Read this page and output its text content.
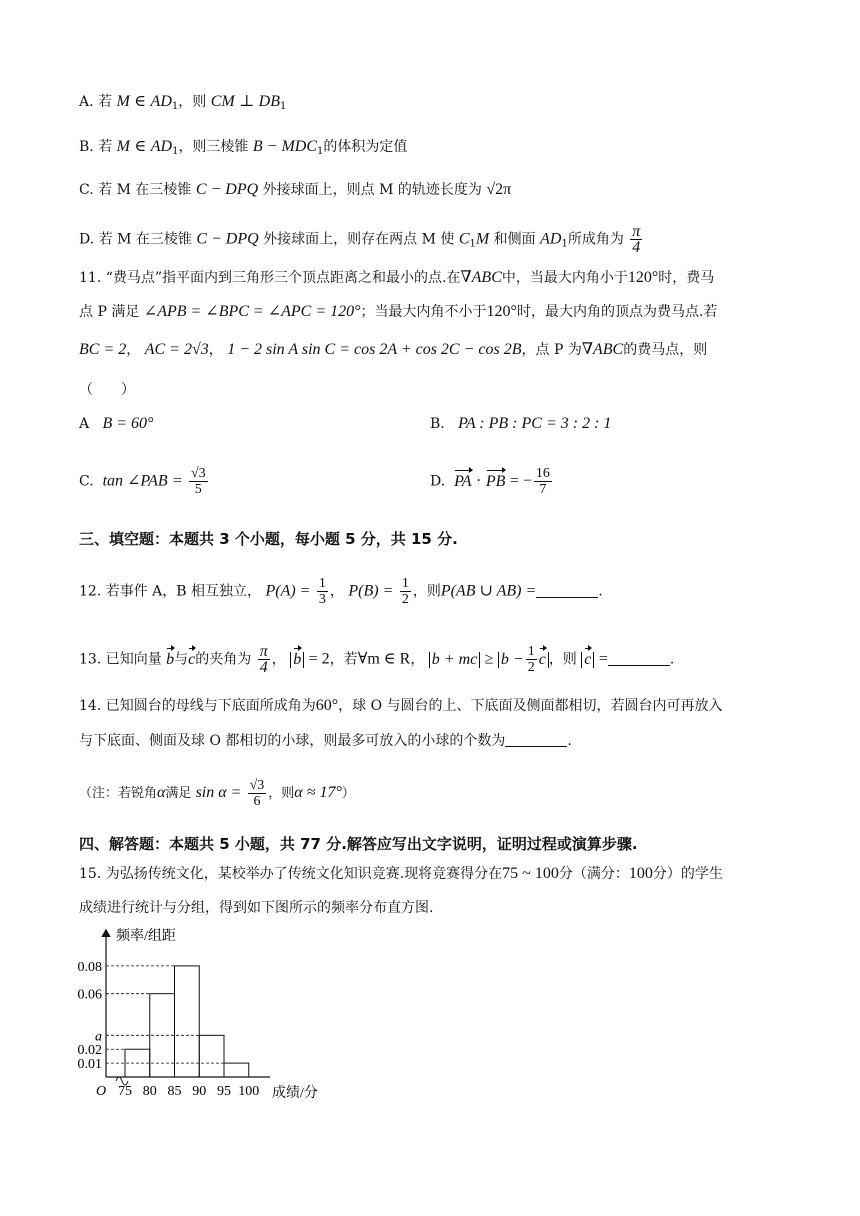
A. 若 M ∈ $AD_1$，则 CM ⊥ $DB_1$
B. 若 M ∈ $AD_1$，则三棱锥 $B - MDC_1$的体积为定值
C. 若 M 在三棱锥 C − DPQ 外接球面上，则点 M 的轨迹长度为 √2π
D. 若 M 在三棱锥 C − DPQ 外接球面上，则存在两点 M 使 $C_1M$ 和侧面 $AD_1$所成角为 $\frac{\pi}{4}$
11. “费马点”指平面内到三角形三个顶点距离之和最小的点.在∇ABC中，当最大内角小于120°时，费马
点 P 满足 ∠APB = ∠BPC = ∠APC = 120°；当最大内角不小于120°时，最大内角的顶点为费马点.若
BC = 2， AC = 2√3， 1 − 2 sin A sin C = cos 2A + cos 2C − cos 2B，点 P 为∇ABC的费马点，则
（　　）
A B = 60°	B. PA : PB : PC = 3 : 2 : 1
C. tan ∠PAB = $\frac{√3}{5}$	D. PA · PB = − $\frac{16}{7}$
三、填空题：本题共 3 个小题，每小题 5 分，共 15 分.
12. 若事件 A，B 相互独立， $P(A) = \frac{1}{3}$ ， $P(B) = \frac{1}{2}$ ，则P(AB ∪ AB) =	.
13. 已知向量 b与c的夹角为 $\frac{\pi}{4}$ ， b = 2，若∀m ∈ R， b + mc ≥ $b - \frac{1}{2}$ c ，则 c =	.
14. 已知圆台的母线与下底面所成角为60°，球 O 与圆台的上、下底面及侧面都相切，若圆台内可再放入
与下底面、侧面及球 O 都相切的小球，则最多可放入的小球的个数为	.
（注：若锐角α满足 $\sin \alpha = \frac{√3}{6}$ ，则α ≈ 17°）
四、解答题：本题共 5 小题，共 77 分.解答应写出文字说明，证明过程或演算步骤.
15. 为弘扬传统文化，某校举办了传统文化知识竞赛.现将竞赛得分在75 ~ 100分（满分：100分）的学生
成绩进行统计与分组，得到如下图所示的频率分布直方图.
0.08
0.06
a
0.02
0.01
75 80 85 90 95 100
O
频率/组距
成绩/分
